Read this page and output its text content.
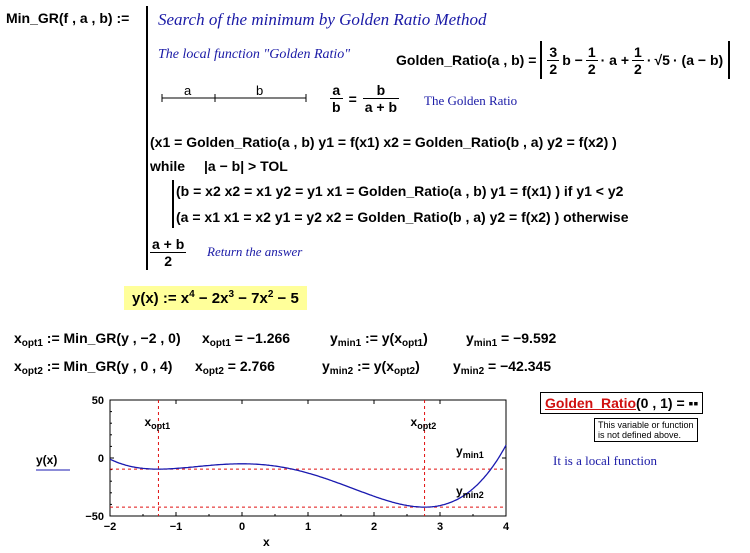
Min_GR(f , a , b) := Search of the minimum by Golden Ratio Method
The local function "Golden Ratio"	Golden_Ratio(a , $b) = \frac{3}{2}$ $b - \frac{1}{2} \cdot a + \frac{1}{2} \cdot √5 \cdot (a - b)$
a	b	$\frac{a}{b} = \frac{b}{a + b}$ The Golden Ratio
(x1 = Golden_Ratio(a , b) y1 = f(x1) x2 = Golden_Ratio(b , a) y2 = f(x2) )
while |a − b| > TOL
(b = x2 x2 = x1 y2 = y1 x1 = Golden_Ratio(a , b) y1 = f(x1) ) if y1 < y2
(a = x1 x1 = x2 y1 = y2 x2 = Golden_Ratio(b , a) y2 = f(x2) ) otherwise
$\frac{a + b}{2}$ Return the answer
y(x) := $x^4 - 2x^3 - 7x^2 - 5$
$x_{opt1}$ := Min_GR(y , −2 , 0) $x_{opt1} = -1.266$	$y_{min1}$ := $y(x_{opt1})$	$y_{min1} = -9.592$
$x_{opt2}$ := Min_GR(y , 0 , 4) $x_{opt2} = 2.766$	$y_{min2}$ := $y(x_{opt2}) y_{min2} = -42.345$
Golden_Ratio(0 , 1) = ▪▪
This variable or function
is not defined above.
It is a local function
−2	−1	0	1	2	3	4
50
0
−50
$x_{opt1}$	$x_{opt2}$
$y_{min1}$
$y_{min2}$
x
y(x)
